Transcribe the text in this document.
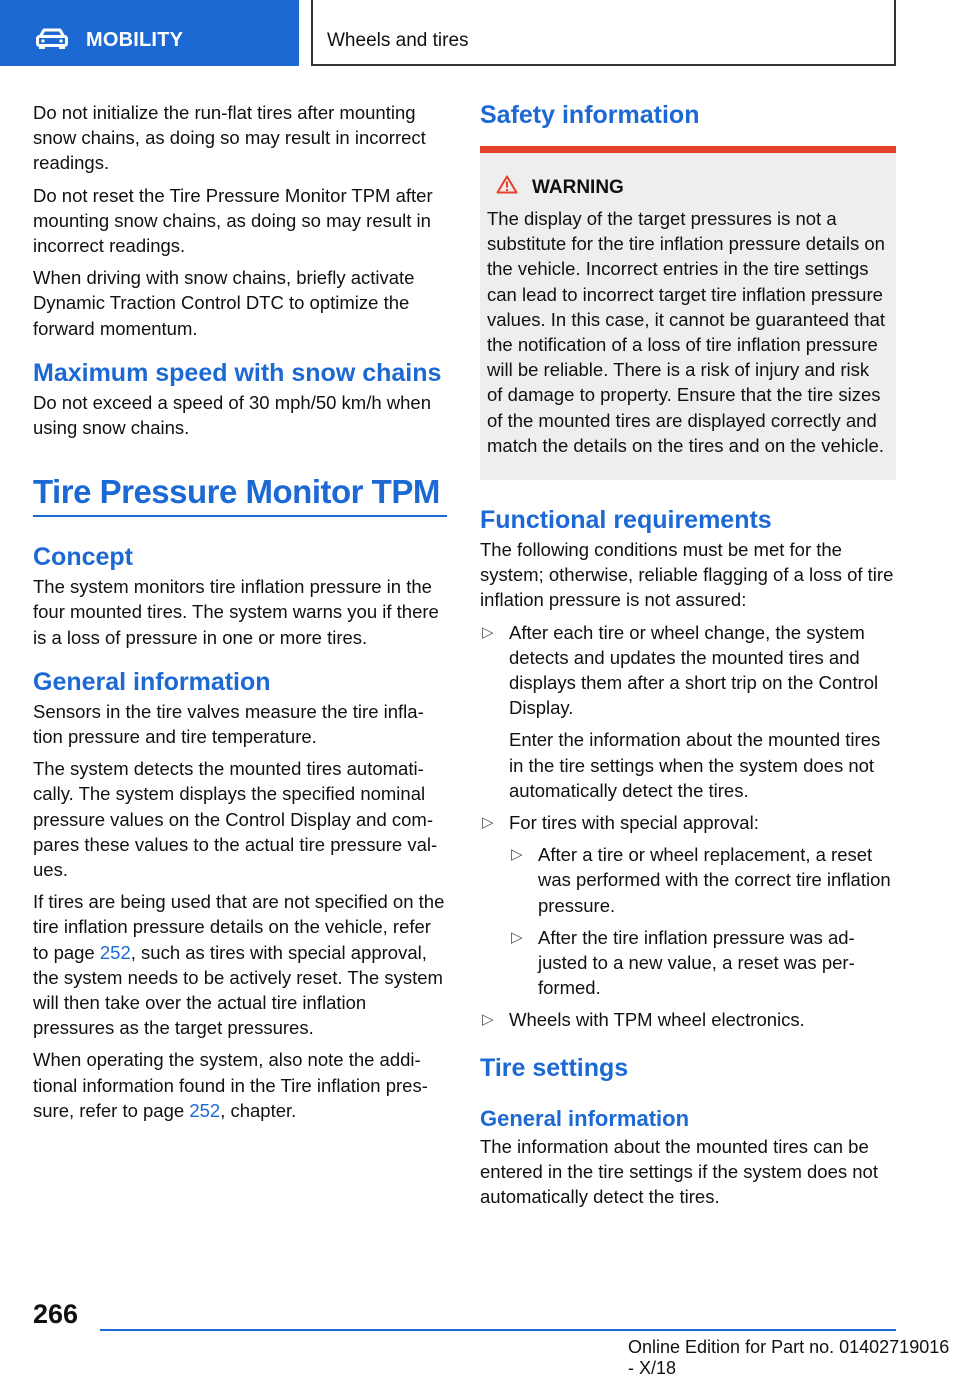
MOBILITY	Wheels and tires

Do not initialize the run-flat tires after mounting snow chains, as doing so may result in incorrect readings.

Do not reset the Tire Pressure Monitor TPM after mounting snow chains, as doing so may result in incorrect readings.

When driving with snow chains, briefly activate Dynamic Traction Control DTC to optimize the forward momentum.

Maximum speed with snow chains

Do not exceed a speed of 30 mph/50 km/h when using snow chains.

Tire Pressure Monitor TPM
Concept

The system monitors tire inflation pressure in the four mounted tires. The system warns you if there is a loss of pressure in one or more tires.

General information

Sensors in the tire valves measure the tire inflation pressure and tire temperature.

The system detects the mounted tires automatically. The system displays the specified nominal pressure values on the Control Display and compares these values to the actual tire pressure values.

If tires are being used that are not specified on the tire inflation pressure details on the vehicle, refer to page 252, such as tires with special approval, the system needs to be actively reset. The system will then take over the actual tire inflation pressures as the target pressures.

When operating the system, also note the additional information found in the Tire inflation pressure, refer to page 252, chapter.

Safety information
WARNING

The display of the target pressures is not a substitute for the tire inflation pressure details on the vehicle. Incorrect entries in the tire settings can lead to incorrect target tire inflation pressure values. In this case, it cannot be guaranteed that the notification of a loss of tire inflation pressure will be reliable. There is a risk of injury and risk of damage to property. Ensure that the tire sizes of the mounted tires are displayed correctly and match the details on the tires and on the vehicle.

Functional requirements

The following conditions must be met for the system; otherwise, reliable flagging of a loss of tire inflation pressure is not assured:

▷ After each tire or wheel change, the system detects and updates the mounted tires and displays them after a short trip on the Control Display.
Enter the information about the mounted tires in the tire settings when the system does not automatically detect the tires.
▷ For tires with special approval:
▷ After a tire or wheel replacement, a reset was performed with the correct tire inflation pressure.
▷ After the tire inflation pressure was adjusted to a new value, a reset was performed.
▷ Wheels with TPM wheel electronics.
Tire settings
General information

The information about the mounted tires can be entered in the tire settings if the system does not automatically detect the tires.

266
Online Edition for Part no. 01402719016 - X/18
